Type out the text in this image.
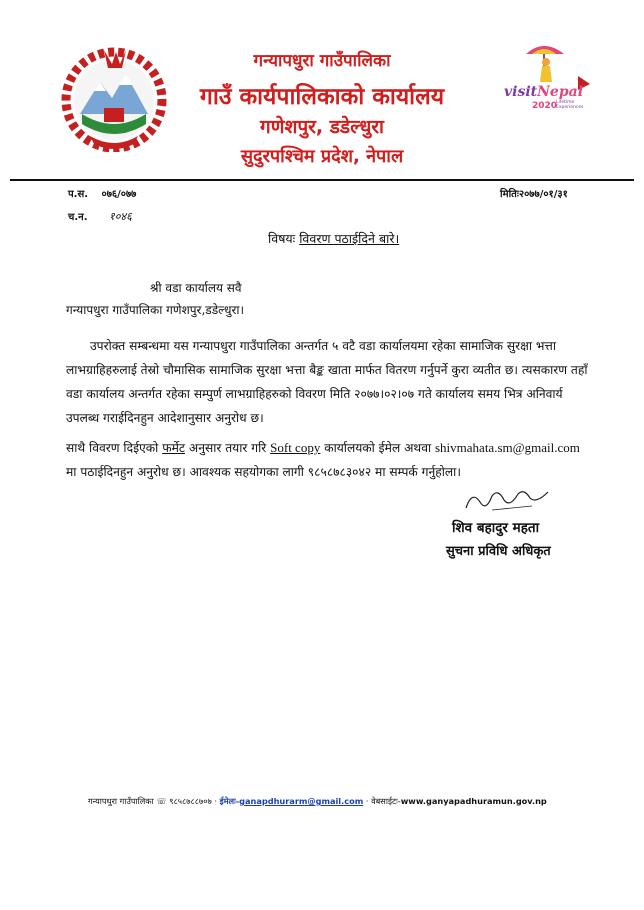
गन्यापधुरा गाउँपालिका
गाउँ कार्यपालिकाको कार्यालय
गणेशपुर, डडेल्धुरा
सुदुरपश्चिम प्रदेश, नेपाल
visitNepal
2020
Lifetime Experiences
प.स. ०७६/०७७
च.न. १०४६
मितिः२०७७/०१/३१
विषयः विवरण पठाईदिने बारे।
श्री वडा कार्यालय सवै
गन्यापधुरा गाउँपालिका गणेशपुर,डडेल्धुरा।
उपरोक्त सम्बन्धमा यस गन्यापधुरा गाउँपालिका अन्तर्गत ५ वटै वडा कार्यालयमा रहेका सामाजिक सुरक्षा भत्ता लाभग्राहिहरुलाई तेस्रो चौमासिक सामाजिक सुरक्षा भत्ता बैङ्क खाता मार्फत वितरण गर्नुपर्ने कुरा व्यतीत छ। त्यसकारण तहाँ वडा कार्यालय अन्तर्गत रहेका सम्पुर्ण लाभग्राहिहरुको विवरण मिति २०७७।०२।०७ गते कार्यालय समय भित्र अनिवार्य उपलब्ध गराईदिनहुन आदेशानुसार अनुरोध छ।
साथै विवरण दिईएको फर्मेट अनुसार तयार गरि Soft copy कार्यालयको ईमेल अथवा shivmahata.sm@gmail.com मा पठाईदिनहुन अनुरोध छ। आवश्यक सहयोगका लागी ९८५८७८३०४२ मा सम्पर्क गर्नुहोला।
शिव बहादुर महता
सुचना प्रविधि अधिकृत
गन्यापधुरा गाउँपालिका ☏ ९८५८७८८७०७ · ईमेलः-ganapdhurarm@gmail.com · वेबसाईटः-www.ganyapadhuramun.gov.np
